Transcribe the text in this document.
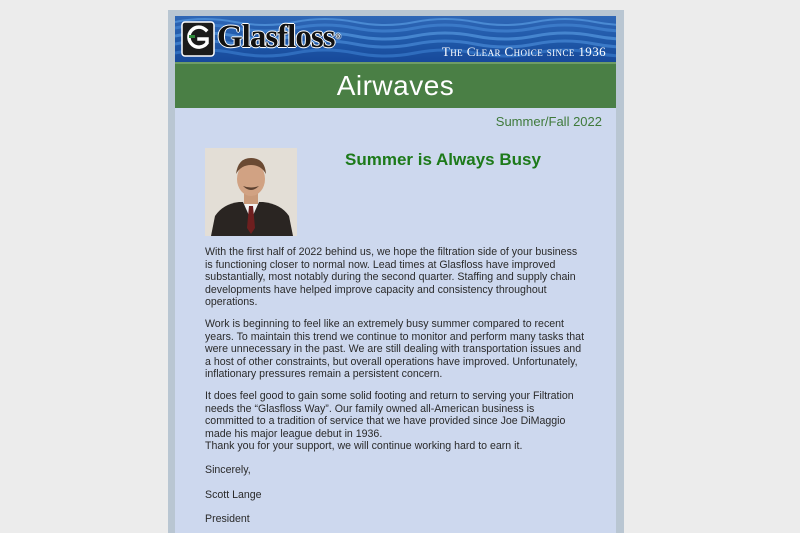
Glasfloss®
The Clear Choice since 1936
Airwaves
Summer/Fall 2022
Summer is Always Busy

With the first half of 2022 behind us, we hope the filtration side of your business is functioning closer to normal now. Lead times at Glasfloss have improved substantially, most notably during the second quarter. Staffing and supply chain developments have helped improve capacity and consistency throughout operations.

Work is beginning to feel like an extremely busy summer compared to recent years. To maintain this trend we continue to monitor and perform many tasks that were unnecessary in the past. We are still dealing with transportation issues and a host of other constraints, but overall operations have improved. Unfortunately, inflationary pressures remain a persistent concern.

It does feel good to gain some solid footing and return to serving your Filtration needs the “Glasfloss Way”. Our family owned all-American business is committed to a tradition of service that we have provided since Joe DiMaggio made his major league debut in 1936.

Thank you for your support, we will continue working hard to earn it.

Sincerely,
Scott Lange
President
